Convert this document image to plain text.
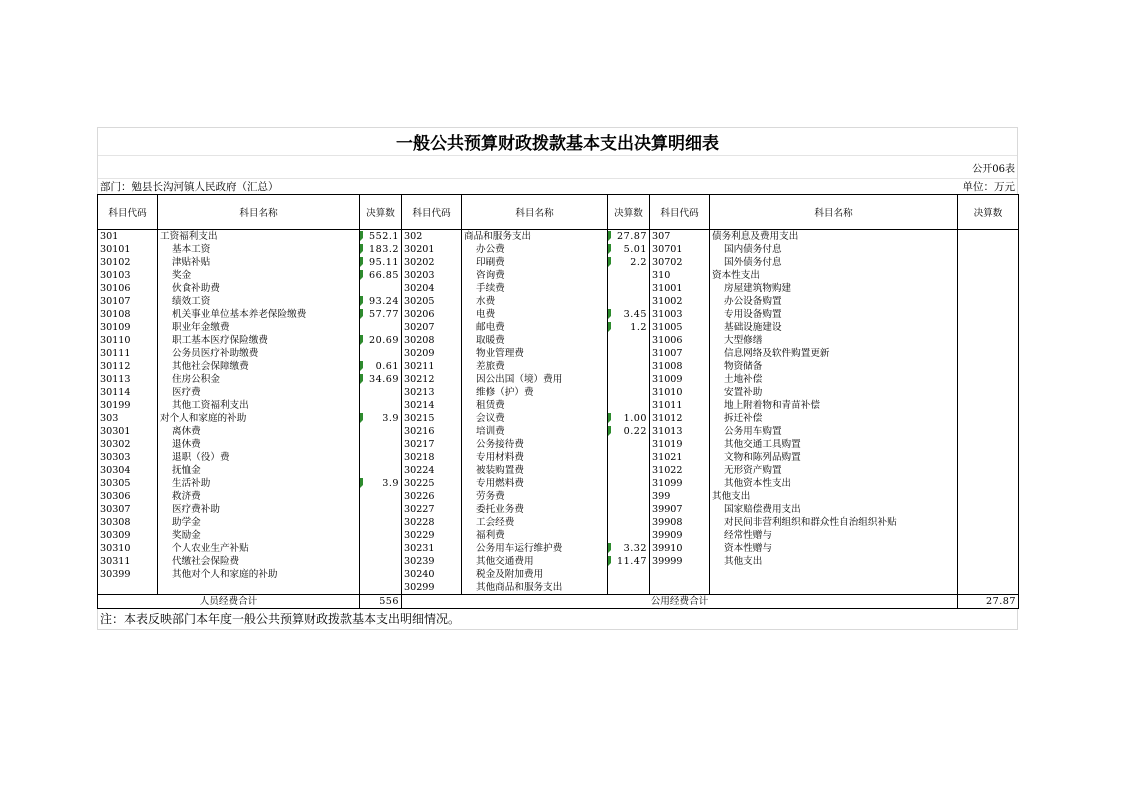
一般公共预算财政拨款基本支出决算明细表
公开06表
部门：勉县长沟河镇人民政府（汇总）	单位：万元
科目代码	科目名称	决算数	科目代码	科目名称	决算数	科目代码	科目名称	决算数
301	工资福利支出	552.1	302	商品和服务支出	27.87	307	债务利息及费用支出	
30101	基本工资	183.2	30201	办公费	5.01	30701	国内债务付息	
30102	津贴补贴	95.11	30202	印刷费	2.2	30702	国外债务付息	
30103	奖金	66.85	30203	咨询费		310	资本性支出	
30106	伙食补助费		30204	手续费		31001	房屋建筑物购建	
30107	绩效工资	93.24	30205	水费		31002	办公设备购置	
30108	机关事业单位基本养老保险缴费	57.77	30206	电费	3.45	31003	专用设备购置	
30109	职业年金缴费		30207	邮电费	1.2	31005	基础设施建设	
30110	职工基本医疗保险缴费	20.69	30208	取暖费		31006	大型修缮	
30111	公务员医疗补助缴费		30209	物业管理费		31007	信息网络及软件购置更新	
30112	其他社会保障缴费	0.61	30211	差旅费		31008	物资储备	
30113	住房公积金	34.69	30212	因公出国（境）费用		31009	土地补偿	
30114	医疗费		30213	维修（护）费		31010	安置补助	
30199	其他工资福利支出		30214	租赁费		31011	地上附着物和青苗补偿	
303	对个人和家庭的补助	3.9	30215	会议费	1.00	31012	拆迁补偿	
30301	离休费		30216	培训费	0.22	31013	公务用车购置	
30302	退休费		30217	公务接待费		31019	其他交通工具购置	
30303	退职（役）费		30218	专用材料费		31021	文物和陈列品购置	
30304	抚恤金		30224	被装购置费		31022	无形资产购置	
30305	生活补助	3.9	30225	专用燃料费		31099	其他资本性支出	
30306	救济费		30226	劳务费		399	其他支出	
30307	医疗费补助		30227	委托业务费		39907	国家赔偿费用支出	
30308	助学金		30228	工会经费		39908	对民间非营利组织和群众性自治组织补贴	
30309	奖励金		30229	福利费		39909	经常性赠与	
30310	个人农业生产补贴		30231	公务用车运行维护费	3.32	39910	资本性赠与	
30311	代缴社会保险费		30239	其他交通费用	11.47	39999	其他支出	
30399	其他对个人和家庭的补助		30240	税金及附加费用				
			30299	其他商品和服务支出				
人员经费合计		556	公用经费合计					27.87
注：本表反映部门本年度一般公共预算财政拨款基本支出明细情况。
